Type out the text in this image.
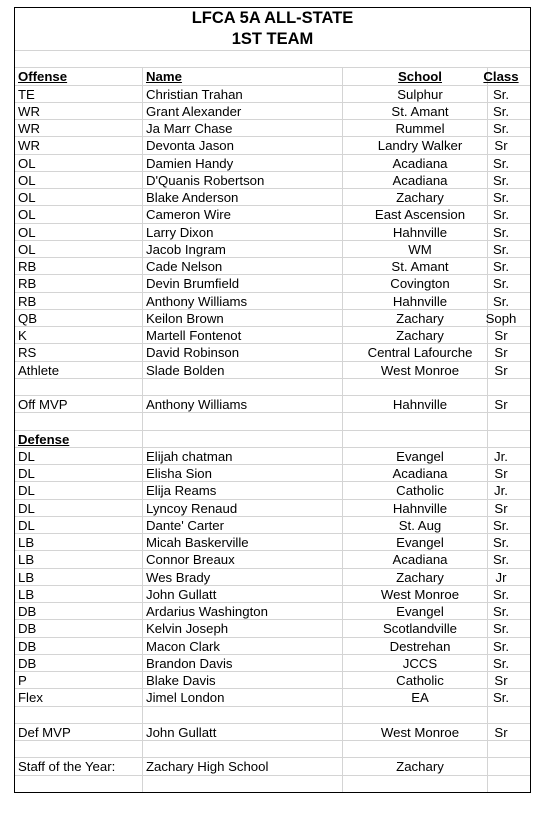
LFCA 5A ALL-STATE
1ST TEAM
Offense	Name	School	Class
TE	Christian Trahan	Sulphur	Sr.
WR	Grant Alexander	St. Amant	Sr.
WR	Ja Marr Chase	Rummel	Sr.
WR	Devonta Jason	Landry Walker	Sr
OL	Damien Handy	Acadiana	Sr.
OL	D'Quanis Robertson	Acadiana	Sr.
OL	Blake Anderson	Zachary	Sr.
OL	Cameron Wire	East Ascension	Sr.
OL	Larry Dixon	Hahnville	Sr.
OL	Jacob Ingram	WM	Sr.
RB	Cade Nelson	St. Amant	Sr.
RB	Devin Brumfield	Covington	Sr.
RB	Anthony Williams	Hahnville	Sr.
QB	Keilon Brown	Zachary	Soph
K	Martell Fontenot	Zachary	Sr
RS	David Robinson	Central Lafourche	Sr
Athlete	Slade Bolden	West Monroe	Sr
Off MVP	Anthony Williams	Hahnville	Sr
Defense
DL	Elijah chatman	Evangel	Jr.
DL	Elisha Sion	Acadiana	Sr
DL	Elija Reams	Catholic	Jr.
DL	Lyncoy Renaud	Hahnville	Sr
DL	Dante' Carter	St. Aug	Sr.
LB	Micah Baskerville	Evangel	Sr.
LB	Connor Breaux	Acadiana	Sr.
LB	Wes Brady	Zachary	Jr
LB	John Gullatt	West Monroe	Sr.
DB	Ardarius Washington	Evangel	Sr.
DB	Kelvin Joseph	Scotlandville	Sr.
DB	Macon Clark	Destrehan	Sr.
DB	Brandon Davis	JCCS	Sr.
P	Blake Davis	Catholic	Sr
Flex	Jimel London	EA	Sr.
Def MVP	John Gullatt	West Monroe	Sr
Staff of the Year:	Zachary High School	Zachary
